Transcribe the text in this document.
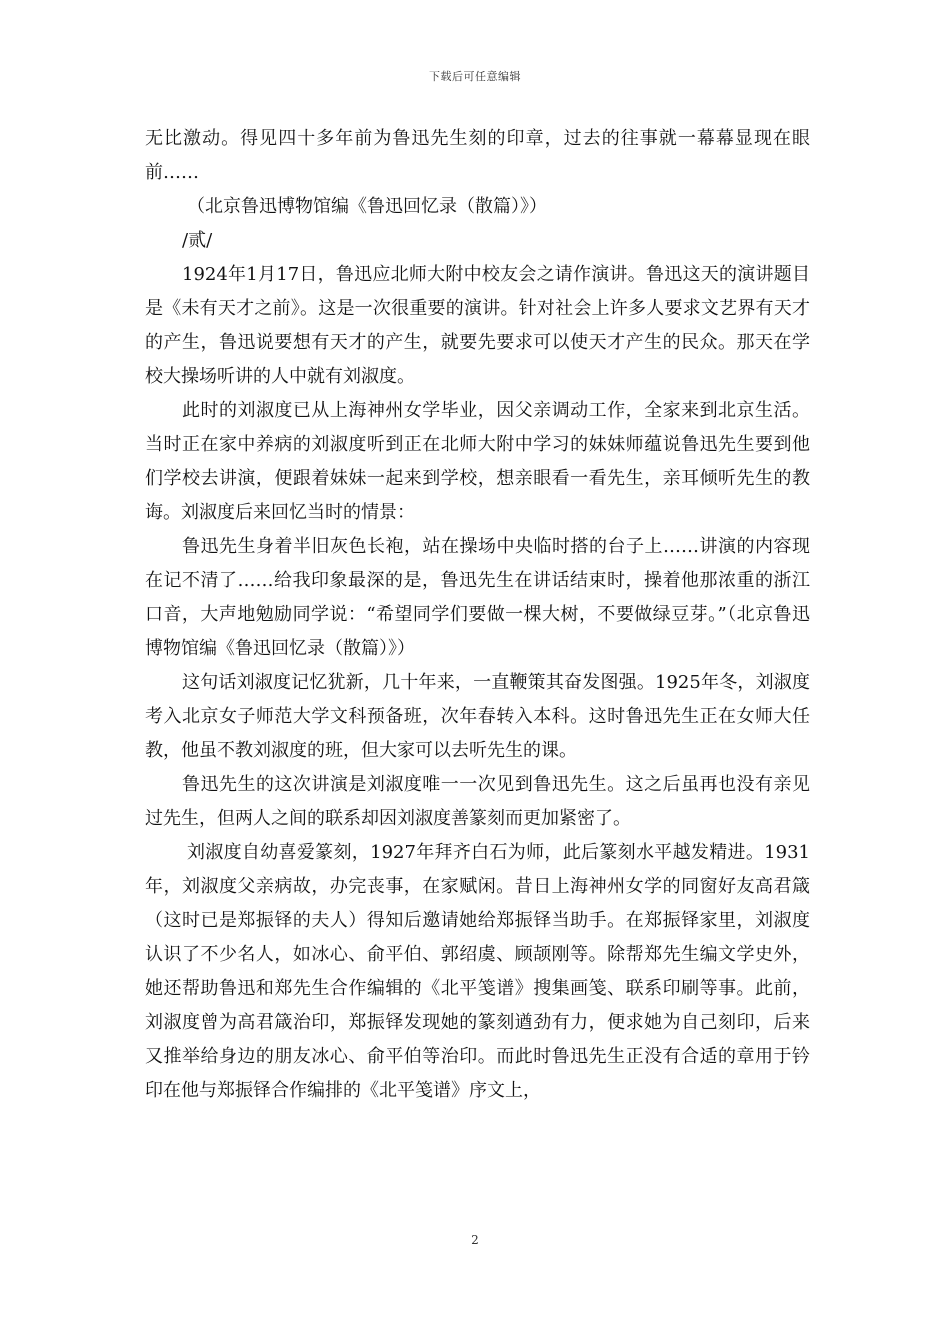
下载后可任意编辑

无比激动。得见四十多年前为鲁迅先生刻的印章，过去的往事就一幕幕显现在眼前……

（北京鲁迅博物馆编《鲁迅回忆录（散篇）》）

/贰/

1924年1月17日，鲁迅应北师大附中校友会之请作演讲。鲁迅这天的演讲题目是《未有天才之前》。这是一次很重要的演讲。针对社会上许多人要求文艺界有天才的产生，鲁迅说要想有天才的产生，就要先要求可以使天才产生的民众。那天在学校大操场听讲的人中就有刘淑度。

此时的刘淑度已从上海神州女学毕业，因父亲调动工作，全家来到北京生活。当时正在家中养病的刘淑度听到正在北师大附中学习的妹妹师蕴说鲁迅先生要到他们学校去讲演，便跟着妹妹一起来到学校，想亲眼看一看先生，亲耳倾听先生的教诲。刘淑度后来回忆当时的情景：

鲁迅先生身着半旧灰色长袍，站在操场中央临时搭的台子上……讲演的内容现在记不清了……给我印象最深的是，鲁迅先生在讲话结束时，操着他那浓重的浙江口音，大声地勉励同学说：“希望同学们要做一棵大树，不要做绿豆芽。”（北京鲁迅博物馆编《鲁迅回忆录（散篇）》）

这句话刘淑度记忆犹新，几十年来，一直鞭策其奋发图强。1925年冬，刘淑度考入北京女子师范大学文科预备班，次年春转入本科。这时鲁迅先生正在女师大任教，他虽不教刘淑度的班，但大家可以去听先生的课。

鲁迅先生的这次讲演是刘淑度唯一一次见到鲁迅先生。这之后虽再也没有亲见过先生，但两人之间的联系却因刘淑度善篆刻而更加紧密了。

刘淑度自幼喜爱篆刻，1927年拜齐白石为师，此后篆刻水平越发精进。1931年，刘淑度父亲病故，办完丧事，在家赋闲。昔日上海神州女学的同窗好友高君箴（这时已是郑振铎的夫人）得知后邀请她给郑振铎当助手。在郑振铎家里，刘淑度认识了不少名人，如冰心、俞平伯、郭绍虞、顾颉刚等。除帮郑先生编文学史外，她还帮助鲁迅和郑先生合作编辑的《北平笺谱》搜集画笺、联系印刷等事。此前，刘淑度曾为高君箴治印，郑振铎发现她的篆刻遒劲有力，便求她为自己刻印，后来又推举给身边的朋友冰心、俞平伯等治印。而此时鲁迅先生正没有合适的章用于钤印在他与郑振铎合作编排的《北平笺谱》序文上，

2
